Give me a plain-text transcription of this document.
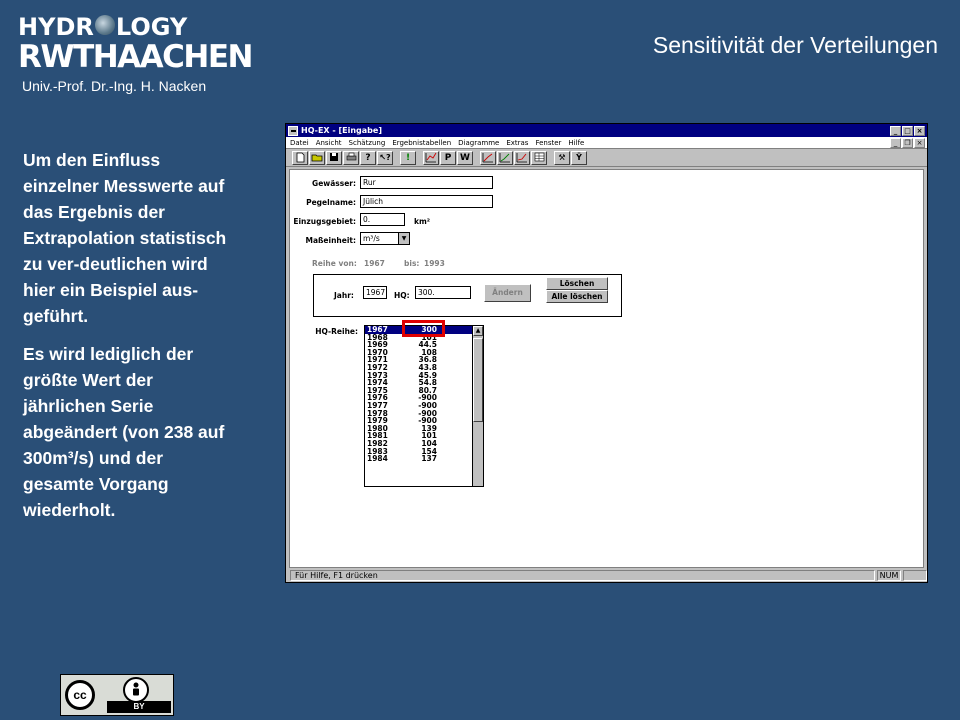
HYDR LOGY
RWTHAACHEN
Univ.-Prof. Dr.-Ing. H. Nacken
Sensitivität der Verteilungen

Um den Einfluss einzelner Messwerte auf das Ergebnis der Extrapolation statistisch zu ver-deutlichen wird hier ein Beispiel aus-geführt.

Es wird lediglich der größte Wert der jährlichen Serie abgeändert (von 238 auf 300m³/s) und der gesamte Vorgang wiederholt.

cc
BY
HQ-EX - [Eingabe]	_ □ ×
Datei Ansicht Schätzung Ergebnistabellen Diagramme Extras Fenster Hilfe	_	❐ ×
?	↖?	!	P W	⚒	Ÿ
Gewässer: Rur
Pegelname: Jülich
Einzugsgebiet: 0.	km²
Maßeinheit: m³/s	▼
Reihe von: 1967	bis: 1993
Jahr:	1967 HQ:	300.	Ändern
Löschen
Alle löschen
HQ-Reihe: 1967	300
1968	101
1969	44.5
1970	108
1971	36.8
1972	43.8
1973	45.9
1974	54.8
1975	80.7
1976	-900
1977	-900
1978	-900
1979	-900
1980	139
1981	101
1982	104
1983	154
1984	137
▲
Für Hilfe, F1 drücken	NUM
